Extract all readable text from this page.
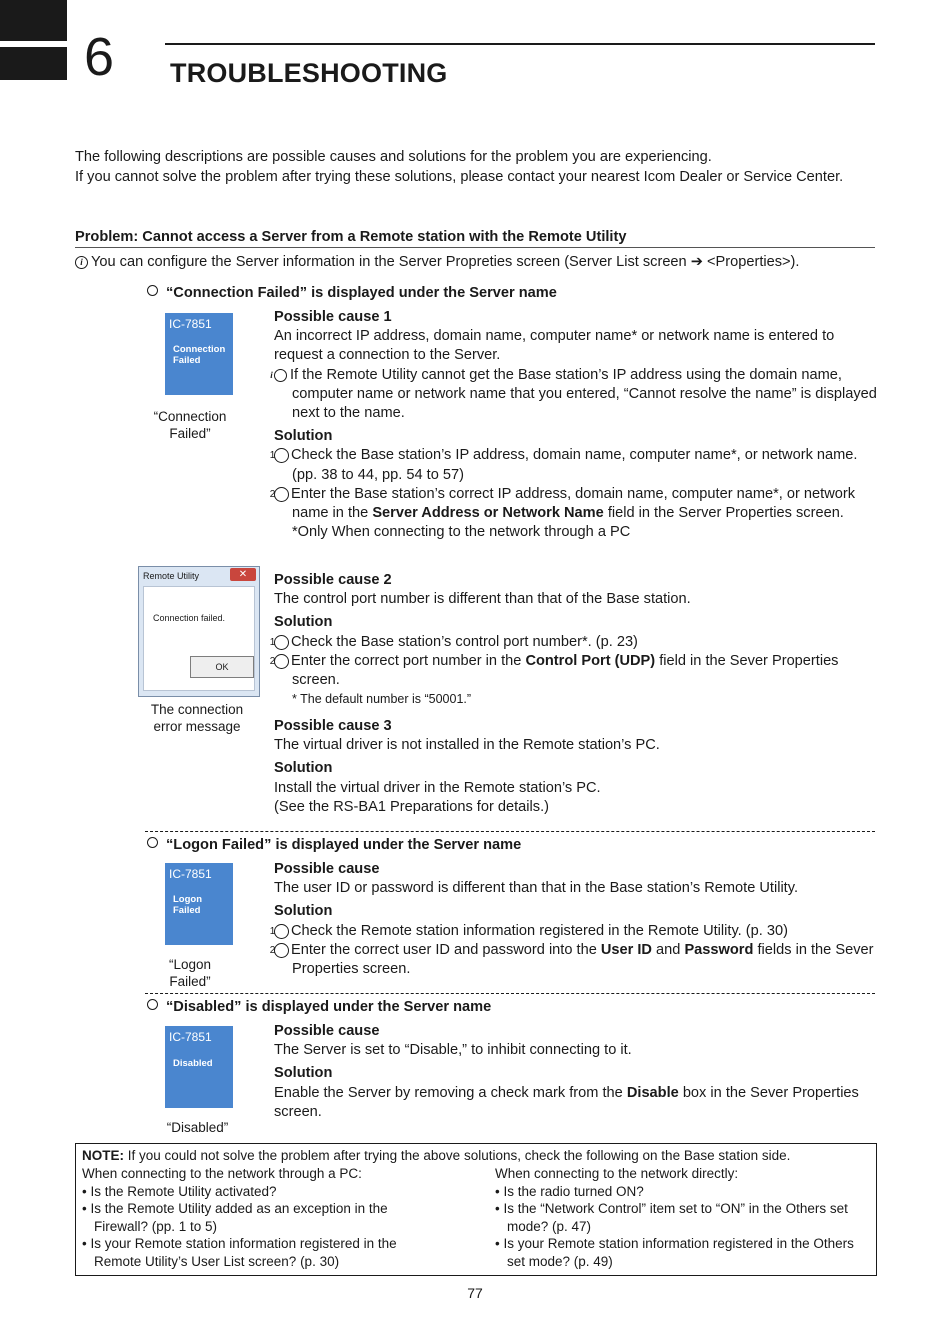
6 TROUBLESHOOTING
The following descriptions are possible causes and solutions for the problem you are experiencing.
If you cannot solve the problem after trying these solutions, please contact your nearest Icom Dealer or Service Center.
Problem: Cannot access a Server from a Remote station with the Remote Utility
i You can configure the Server information in the Server Propreties screen (Server List screen ➔ <Properties>).
“Connection Failed” is displayed under the Server name
IC-7851
Connection
Failed
“Connection
Failed”
Possible cause 1
An incorrect IP address, domain name, computer name* or network name is entered to request a connection to the Server.
i If the Remote Utility cannot get the Base station’s IP address using the domain name, computer name or network name that you entered, “Cannot resolve the name” is displayed next to the name.
Solution
1 Check the Base station’s IP address, domain name, computer name*, or network name. (pp. 38 to 44, pp. 54 to 57)
2 Enter the Base station’s correct IP address, domain name, computer name*, or network name in the Server Address or Network Name field in the Server Properties screen.
*Only When connecting to the network through a PC
Remote Utility	✕
Connection failed.
OK
The connection
error message
Possible cause 2
The control port number is different than that of the Base station.
Solution
1 Check the Base station’s control port number*. (p. 23)
2 Enter the correct port number in the Control Port (UDP) field in the Sever Properties screen.
* The default number is “50001.”
Possible cause 3
The virtual driver is not installed in the Remote station’s PC.
Solution
Install the virtual driver in the Remote station’s PC.
(See the RS-BA1 Preparations for details.)
“Logon Failed” is displayed under the Server name
IC-7851
Logon
Failed
“Logon
Failed”
Possible cause
The user ID or password is different than that in the Base station’s Remote Utility.
Solution
1 Check the Remote station information registered in the Remote Utility. (p. 30)
2 Enter the correct user ID and password into the User ID and Password fields in the Sever Properties screen.
“Disabled” is displayed under the Server name
IC-7851
Disabled
“Disabled”
Possible cause
The Server is set to “Disable,” to inhibit connecting to it.
Solution
Enable the Server by removing a check mark from the Disable box in the Sever Properties screen.
NOTE: If you could not solve the problem after trying the above solutions, check the following on the Base station side.
When connecting to the network through a PC:
• Is the Remote Utility activated?
• Is the Remote Utility added as an exception in the Firewall? (pp. 1 to 5)
• Is your Remote station information registered in the Remote Utility’s User List screen? (p. 30)
When connecting to the network directly:
• Is the radio turned ON?
• Is the “Network Control” item set to “ON” in the Others set mode? (p. 47)
• Is your Remote station information registered in the Others set mode? (p. 49)
77
